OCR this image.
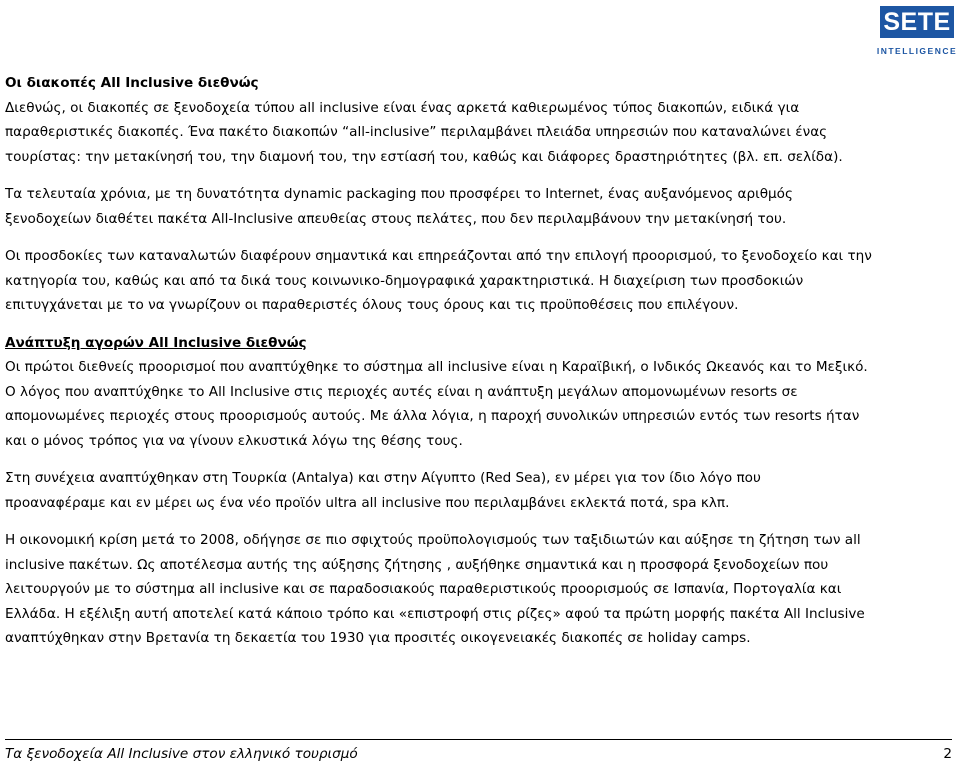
SETE
INTELLIGENCE

Οι διακοπές All Inclusive διεθνώς

Διεθνώς, οι διακοπές σε ξενοδοχεία τύπου all inclusive είναι ένας αρκετά καθιερωμένος τύπος διακοπών, ειδικά για

παραθεριστικές διακοπές. Ένα πακέτο διακοπών “all-inclusive” περιλαμβάνει πλειάδα υπηρεσιών που καταναλώνει ένας

τουρίστας: την μετακίνησή του, την διαμονή του, την εστίασή του, καθώς και διάφορες δραστηριότητες (βλ. επ. σελίδα).

Τα τελευταία χρόνια, με τη δυνατότητα dynamic packaging που προσφέρει το Internet, ένας αυξανόμενος αριθμός

ξενοδοχείων διαθέτει πακέτα All-Inclusive απευθείας στους πελάτες, που δεν περιλαμβάνουν την μετακίνησή του.

Οι προσδοκίες των καταναλωτών διαφέρουν σημαντικά και επηρεάζονται από την επιλογή προορισμού, το ξενοδοχείο και την

κατηγορία του, καθώς και από τα δικά τους κοινωνικο-δημογραφικά χαρακτηριστικά. Η διαχείριση των προσδοκιών

επιτυγχάνεται με το να γνωρίζουν οι παραθεριστές όλους τους όρους και τις προϋποθέσεις που επιλέγουν.

Ανάπτυξη αγορών All Inclusive διεθνώς

Οι πρώτοι διεθνείς προορισμοί που αναπτύχθηκε το σύστημα all inclusive είναι η Καραϊβική, ο Ινδικός Ωκεανός και το Μεξικό.

Ο λόγος που αναπτύχθηκε το All Inclusive στις περιοχές αυτές είναι η ανάπτυξη μεγάλων απομονωμένων resorts σε

απομονωμένες περιοχές στους προορισμούς αυτούς. Με άλλα λόγια, η παροχή συνολικών υπηρεσιών εντός των resorts ήταν

και ο μόνος τρόπος για να γίνουν ελκυστικά λόγω της θέσης τους.

Στη συνέχεια αναπτύχθηκαν στη Τουρκία (Antalya) και στην Αίγυπτο (Red Sea), εν μέρει για τον ίδιο λόγο που

προαναφέραμε και εν μέρει ως ένα νέο προϊόν ultra all inclusive που περιλαμβάνει εκλεκτά ποτά, spa κλπ.

Η οικονομική κρίση μετά το 2008, οδήγησε σε πιο σφιχτούς προϋπολογισμούς των ταξιδιωτών και αύξησε τη ζήτηση των all

inclusive πακέτων. Ως αποτέλεσμα αυτής της αύξησης ζήτησης , αυξήθηκε σημαντικά και η προσφορά ξενοδοχείων που

λειτουργούν με το σύστημα all inclusive και σε παραδοσιακούς παραθεριστικούς προορισμούς σε Ισπανία, Πορτογαλία και

Ελλάδα. Η εξέλιξη αυτή αποτελεί κατά κάποιο τρόπο και «επιστροφή στις ρίζες» αφού τα πρώτη μορφής πακέτα All Inclusive

αναπτύχθηκαν στην Βρετανία τη δεκαετία του 1930 για προσιτές οικογενειακές διακοπές σε holiday camps.

Τα ξενοδοχεία All Inclusive στον ελληνικό τουρισμό	2
